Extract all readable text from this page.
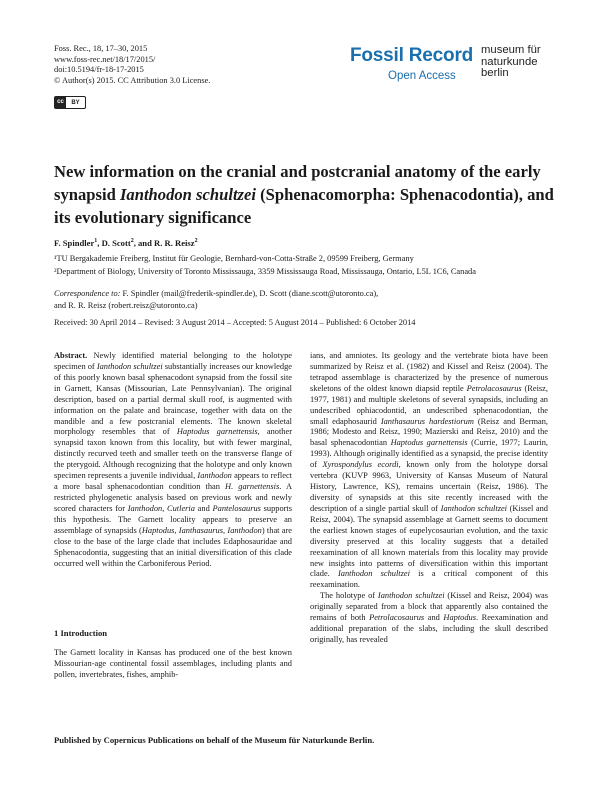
Foss. Rec., 18, 17–30, 2015
www.foss-rec.net/18/17/2015/
doi:10.5194/fr-18-17-2015
© Author(s) 2015. CC Attribution 3.0 License.
cc	BY
Fossil Record
Open Access
museum für
naturkunde
berlin
New information on the cranial and postcranial anatomy of the early synapsid Ianthodon schultzei (Sphenacomorpha: Sphenacodontia), and its evolutionary significance
F. Spindler$^1$, D. Scott$^2$, and R. R. Reisz$^2$
¹TU Bergakademie Freiberg, Institut für Geologie, Bernhard-von-Cotta-Straße 2, 09599 Freiberg, Germany
²Department of Biology, University of Toronto Mississauga, 3359 Mississauga Road, Mississauga, Ontario, L5L 1C6, Canada
Correspondence to: F. Spindler (mail@frederik-spindler.de), D. Scott (diane.scott@utoronto.ca),
and R. R. Reisz (robert.reisz@utoronto.ca)
Received: 30 April 2014 – Revised: 3 August 2014 – Accepted: 5 August 2014 – Published: 6 October 2014

Abstract. Newly identified material belonging to the holotype specimen of Ianthodon schultzei substantially increases our knowledge of this poorly known basal sphenacodont synapsid from the fossil site in Garnett, Kansas (Missourian, Late Pennsylvanian). The original description, based on a partial dermal skull roof, is augmented with information on the palate and braincase, together with data on the mandible and a few postcranial elements. The known skeletal morphology resembles that of Haptodus garnettensis, another synapsid taxon known from this locality, but with fewer marginal, distinctly recurved teeth and smaller teeth on the transverse flange of the pterygoid. Although recognizing that the holotype and only known specimen represents a juvenile individual, Ianthodon appears to reflect a more basal sphenacodontian condition than H. garnettensis. A restricted phylogenetic analysis based on previous work and newly scored characters for Ianthodon, Cutleria and Pantelosaurus supports this hypothesis. The Garnett locality appears to preserve an assemblage of synapsids (Haptodus, Ianthasaurus, Ianthodon) that are close to the base of the large clade that includes Edaphosauridae and Sphenacodontia, suggesting that an initial diversification of this clade occurred well within the Carboniferous Period.

1 Introduction
The Garnett locality in Kansas has produced one of the best known Missourian-age continental fossil assemblages, including plants and pollen, invertebrates, fishes, amphib-

ians, and amniotes. Its geology and the vertebrate biota have been summarized by Reisz et al. (1982) and Kissel and Reisz (2004). The tetrapod assemblage is characterized by the presence of numerous skeletons of the oldest known diapsid reptile Petrolacosaurus (Reisz, 1977, 1981) and multiple skeletons of several synapsids, including an undescribed ophiacodontid, an undescribed sphenacodontian, the small edaphosaurid Ianthasaurus hardestiorum (Reisz and Berman, 1986; Modesto and Reisz, 1990; Mazierski and Reisz, 2010) and the basal sphenacodontian Haptodus garnettensis (Currie, 1977; Laurin, 1993). Although originally identified as a synapsid, the precise identity of Xyrospondylus ecordi, known only from the holotype dorsal vertebra (KUVP 9963, University of Kansas Museum of Natural History, Lawrence, KS), remains uncertain (Reisz, 1986). The diversity of synapsids at this site recently increased with the description of a single partial skull of Ianthodon schultzei (Kissel and Reisz, 2004). The synapsid assemblage at Garnett seems to document the earliest known stages of eupelycosaurian evolution, and the taxic diversity preserved at this locality suggests that a detailed reexamination of all known materials from this locality may provide new insights into patterns of diversification within this important clade. Ianthodon schultzei is a critical component of this reexamination.

The holotype of Ianthodon schultzei (Kissel and Reisz, 2004) was originally separated from a block that apparently also contained the remains of both Petrolacosaurus and Haptodus. Reexamination and additional preparation of the slabs, including the skull described originally, has revealed

Published by Copernicus Publications on behalf of the Museum für Naturkunde Berlin.
